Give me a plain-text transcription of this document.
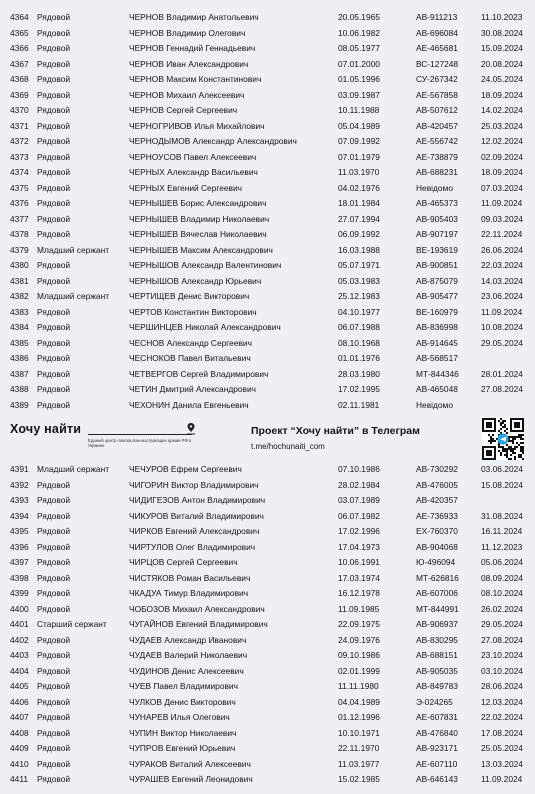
4364 Рядовой	ЧЕРНОВ Владимир Анатольевич	20.05.1965	АВ-911213	11.10.2023
4365 Рядовой	ЧЕРНОВ Владимир Олегович	10.06.1982	АВ-696084	30.08.2024
4366 Рядовой	ЧЕРНОВ Геннадий Геннадьевич	08.05.1977	АЕ-465681	15.09.2024
4367 Рядовой	ЧЕРНОВ Иван Александрович	07.01.2000	ВС-127248	20.08.2024
4368 Рядовой	ЧЕРНОВ Максим Константинович	01.05.1996	СУ-267342	24.05.2024
4369 Рядовой	ЧЕРНОВ Михаил Алексеевич	03.09.1987	АЕ-567858	18.09.2024
4370 Рядовой	ЧЕРНОВ Сергей Сергеевич	10.11.1988	АВ-507612	14.02.2024
4371 Рядовой	ЧЕРНОГРИВОВ Илья Михайлович	05.04.1989	АВ-420457	25.03.2024
4372 Рядовой	ЧЕРНОДЫМОВ Александр Александрович	07.09.1992	АЕ-556742	12.02.2024
4373 Рядовой	ЧЕРНОУСОВ Павел Алексеевич	07.01.1979	АЕ-738879	02.09.2024
4374 Рядовой	ЧЕРНЫХ Александр Васильевич	11.03.1970	АВ-688231	18.09.2024
4375 Рядовой	ЧЕРНЫХ Евгений Сергеевич	04.02.1976	Невідомо	07.03.2024
4376 Рядовой	ЧЕРНЫШЕВ Борис Александрович	18.01.1984	АВ-465373	11.09.2024
4377 Рядовой	ЧЕРНЫШЕВ Владимир Николаевич	27.07.1994	АВ-905403	09.03.2024
4378 Рядовой	ЧЕРНЫШЕВ Вячеслав Николаевич	06.09.1992	АВ-907197	22.11.2024
4379 Младший сержант ЧЕРНЫШЕВ Максим Александрович	16.03.1988	ВЕ-193619	26.06.2024
4380 Рядовой	ЧЕРНЫШОВ Александр Валентинович	05.07.1971	АВ-900851	22.03.2024
4381 Рядовой	ЧЕРНЫШОВ Александр Юрьевич	05.03.1983	АВ-875079	14.03.2024
4382 Младший сержант ЧЕРТИЩЕВ Денис Викторович	25.12.1983	АВ-905477	23.06.2024
4383 Рядовой	ЧЕРТОВ Константин Викторович	04.10.1977	ВЕ-160979	11.09.2024
4384 Рядовой	ЧЕРШИНЦЕВ Николай Александрович	06.07.1988	АВ-836998	10.08.2024
4385 Рядовой	ЧЕСНОВ Александр Сергеевич	08.10.1968	АВ-914645	29.05.2024
4386 Рядовой	ЧЕСНОКОВ Павел Витальевич	01.01.1976	АВ-568517
4387 Рядовой	ЧЕТВЕРГОВ Сергей Владимирович	28.03.1980	МТ-844346	28.01.2024
4388 Рядовой	ЧЕТИН Дмитрий Александрович	17.02.1995	АВ-465048	27.08.2024
4389 Рядовой	ЧЕХОНИН Данила Евгеньевич	02.11.1981	Невідомо
Хочу найти
Единый центр поиска военнослужащих армии РФ в Украине
Проект “Хочу найти” в Телеграм
t.me/hochunaiti_com
4391 Младший сержант ЧЕЧУРОВ Ефрем Сергеевич	07.10.1986	АВ-730292	03.06.2024
4392 Рядовой	ЧИГОРИН Виктор Владимирович	28.02.1984	АВ-476005	15.08.2024
4393 Рядовой	ЧИДИГЕЗОВ Антон Владимирович	03.07.1989	АВ-420357
4394 Рядовой	ЧИКУРОВ Виталий Владимирович	06.07.1982	АЕ-736933	31.08.2024
4395 Рядовой	ЧИРКОВ Евгений Александрович	17.02.1996	ЕХ-760370	16.11.2024
4396 Рядовой	ЧИРТУЛОВ Олег Владимирович	17.04.1973	АВ-904068	11.12.2023
4397 Рядовой	ЧИРЦОВ Сергей Сергеевич	10.06.1991	Ю-496094	05.06.2024
4398 Рядовой	ЧИСТЯКОВ Роман Васильевич	17.03.1974	МТ-626816	08.09.2024
4399 Рядовой	ЧКАДУА Тимур Владимирович	16.12.1978	АВ-607006	08.10.2024
4400 Рядовой	ЧОБОЗОВ Михаил Александрович	11.09.1985	МТ-844991	26.02.2024
4401 Старший сержант	ЧУГАЙНОВ Евгений Владимирович	22.09.1975	АВ-906937	29.05.2024
4402 Рядовой	ЧУДАЕВ Александр Иванович	24.09.1976	АВ-830295	27.08.2024
4403 Рядовой	ЧУДАЕВ Валерий Николаевич	09.10.1986	АВ-688151	23.10.2024
4404 Рядовой	ЧУДИНОВ Денис Алексеевич	02.01.1999	АВ-905035	03.10.2024
4405 Рядовой	ЧУЕВ Павел Владимирович	11.11.1980	АВ-849783	28.06.2024
4406 Рядовой	ЧУЛКОВ Денис Викторович	04.04.1989	Э-024265	12.03.2024
4407 Рядовой	ЧУНАРЕВ Илья Олегович	01.12.1996	АЕ-607831	22.02.2024
4408 Рядовой	ЧУПИН Виктор Николаевич	10.10.1971	АВ-476840	17.08.2024
4409 Рядовой	ЧУПРОВ Евгений Юрьевич	22.11.1970	АВ-923171	25.05.2024
4410 Рядовой	ЧУРАКОВ Виталий Алексеевич	11.03.1977	АЕ-607110	13.03.2024
4411 Рядовой	ЧУРАШЕВ Евгений Леонидович	15.02.1985	АВ-646143	11.09.2024
